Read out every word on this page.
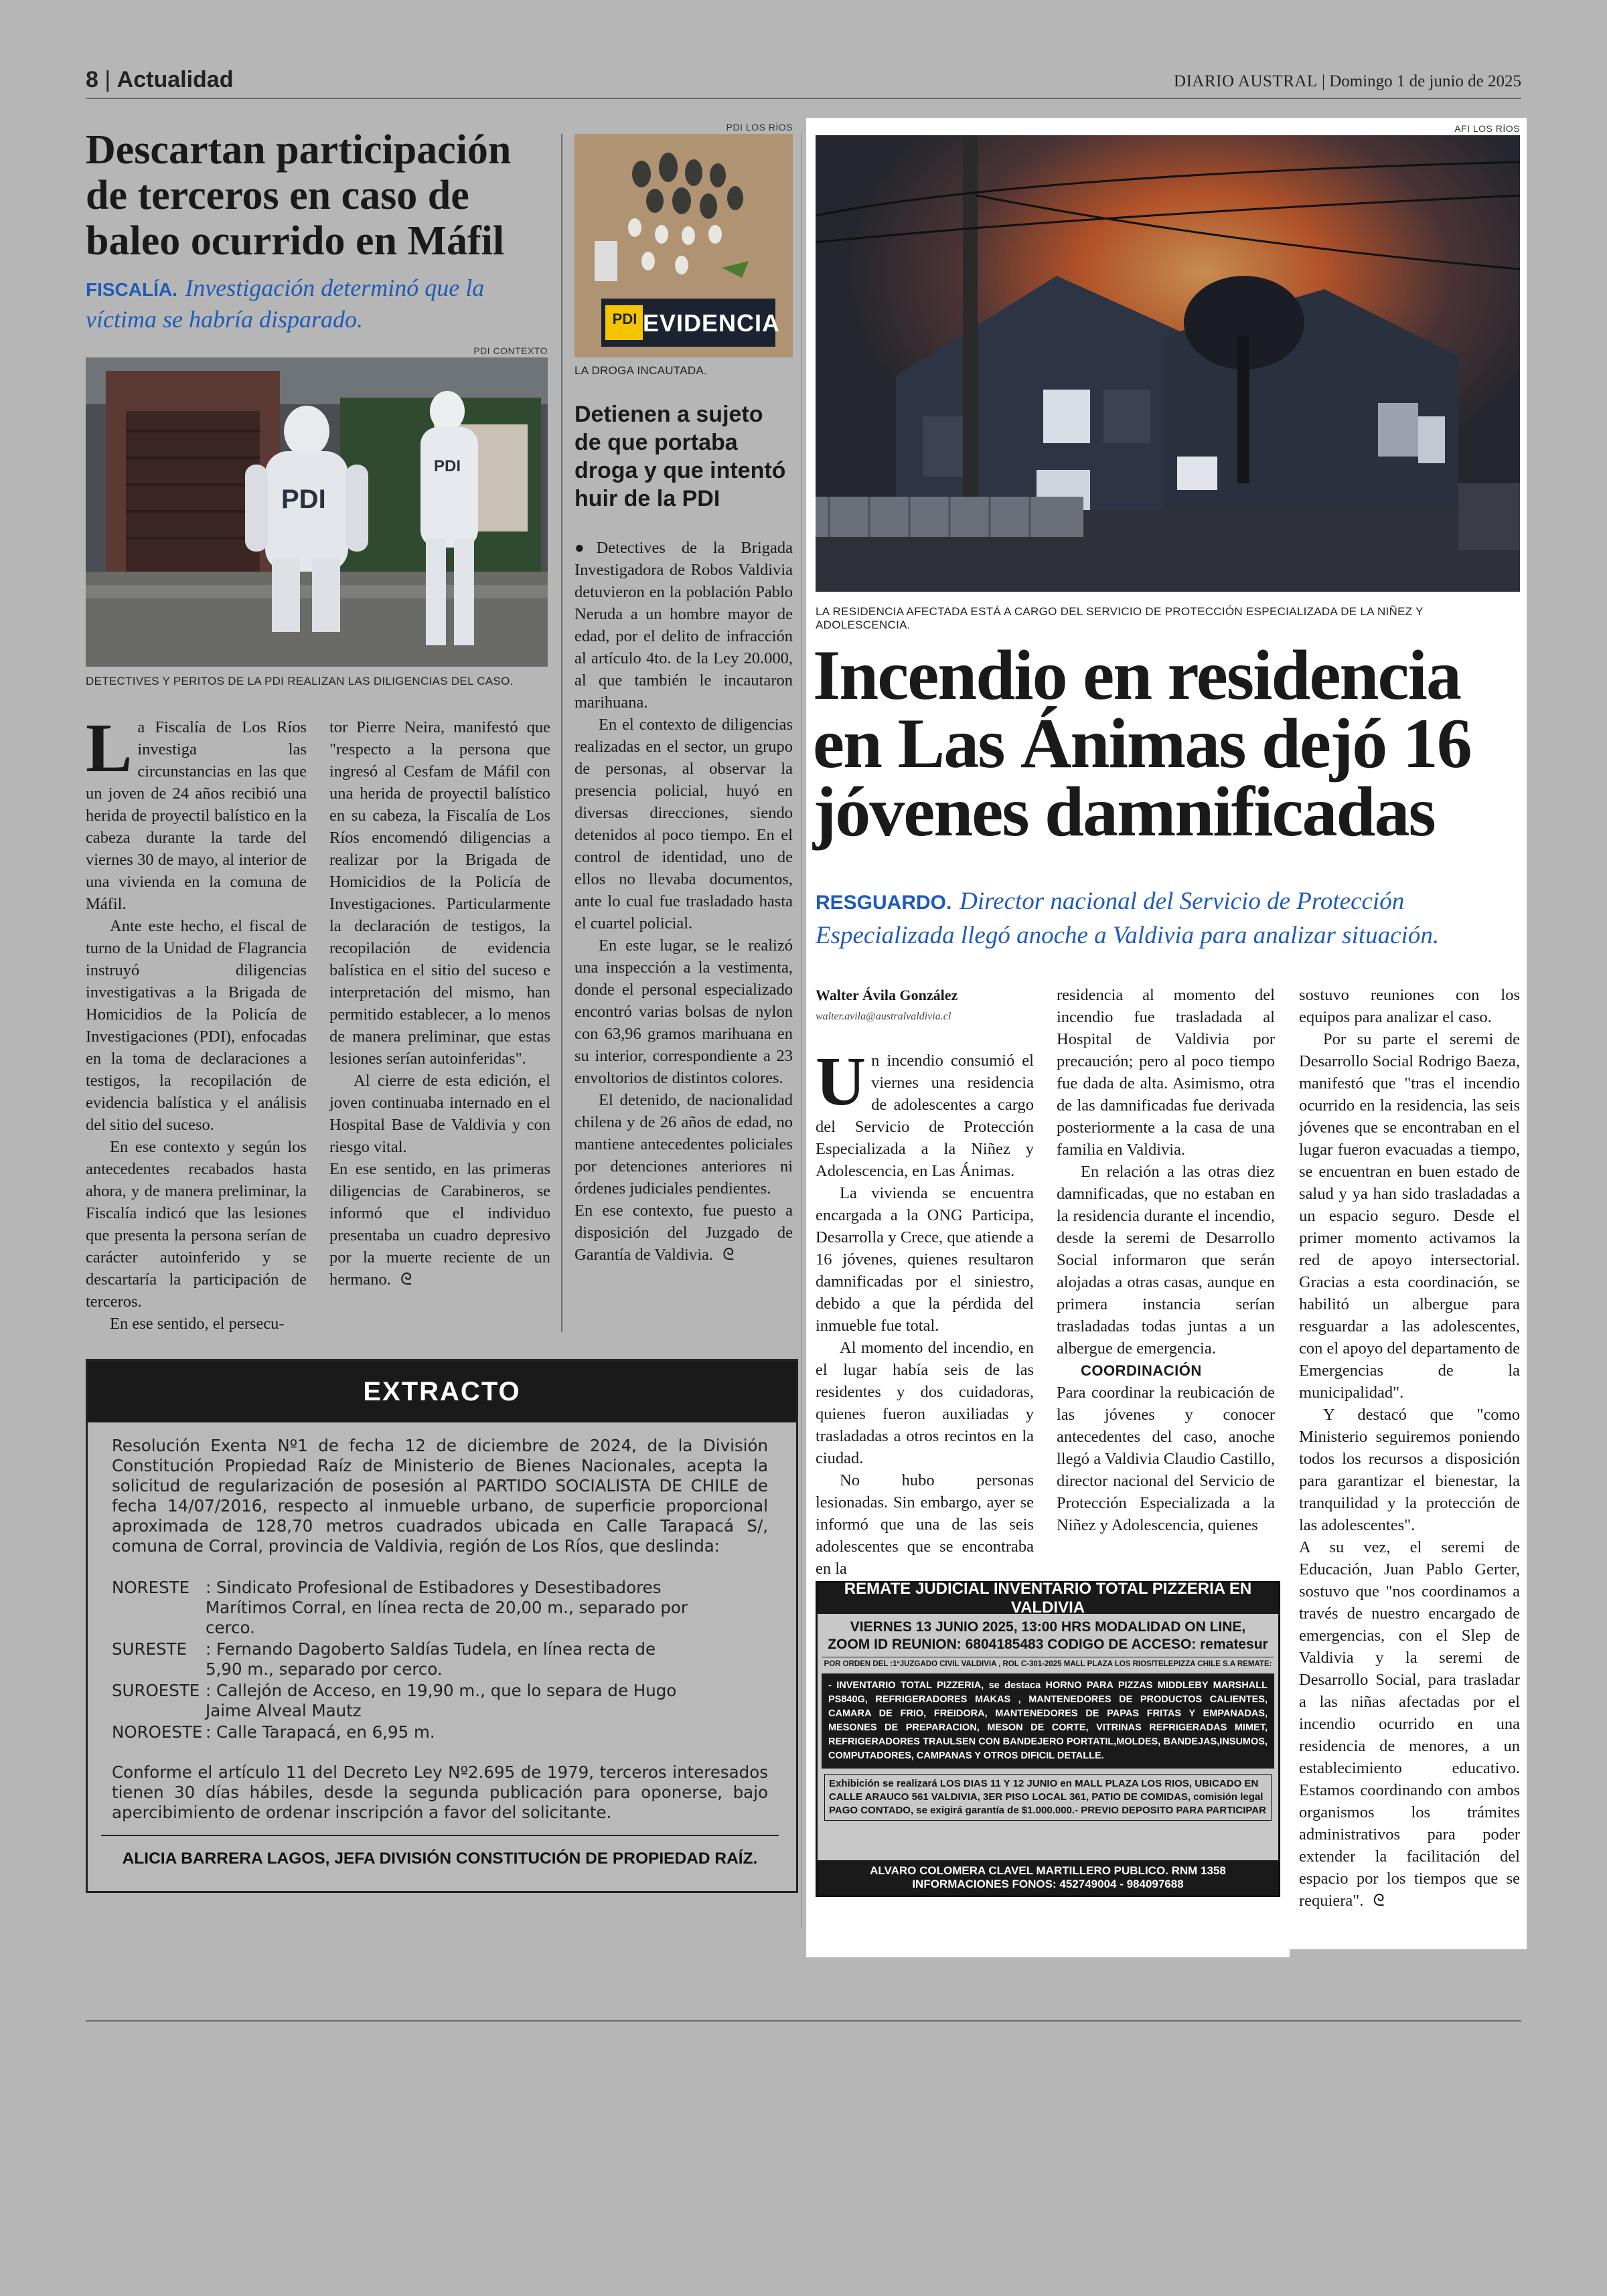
8 | Actualidad	DIARIO AUSTRAL | Domingo 1 de junio de 2025
Descartan participación de terceros en caso de baleo ocurrido en Máfil
FISCALÍA. Investigación determinó que la víctima se habría disparado.
PDI CONTEXTO
PDI
PDI
DETECTIVES Y PERITOS DE LA PDI REALIZAN LAS DILIGENCIAS DEL CASO.
L a Fiscalía de Los Ríos investiga las circunstancias en las que un joven de 24 años recibió una herida de proyectil balístico en la cabeza durante la tarde del viernes 30 de mayo, al interior de una vivienda en la comuna de Máfil.

Ante este hecho, el fiscal de turno de la Unidad de Flagrancia instruyó diligencias investigativas a la Brigada de Homicidios de la Policía de Investigaciones (PDI), enfocadas en la toma de declaraciones a testigos, la recopilación de evidencia balística y el análisis del sitio del suceso.

En ese contexto y según los antecedentes recabados hasta ahora, y de manera preliminar, la Fiscalía indicó que las lesiones que presenta la persona serían de carácter autoinferido y se descartaría la participación de terceros.

En ese sentido, el persecu-

tor Pierre Neira, manifestó que "respecto a la persona que ingresó al Cesfam de Máfil con una herida de proyectil balístico en su cabeza, la Fiscalía de Los Ríos encomendó diligencias a realizar por la Brigada de Homicidios de la Policía de Investigaciones. Particularmente la declaración de testigos, la recopilación de evidencia balística en el sitio del suceso e interpretación del mismo, han permitido establecer, a lo menos de manera preliminar, que estas lesiones serían autoinferidas".

Al cierre de esta edición, el joven continuaba internado en el Hospital Base de Valdivia y con riesgo vital.

En ese sentido, en las primeras diligencias de Carabineros, se informó que el individuo presentaba un cuadro depresivo por la muerte reciente de un hermano. ᘓ
PDI LOS RÍOS
PDI EVIDENCIA
LA DROGA INCAUTADA.
Detienen a sujeto de que portaba droga y que intentó huir de la PDI

●Detectives de la Brigada Investigadora de Robos Valdivia detuvieron en la población Pablo Neruda a un hombre mayor de edad, por el delito de infracción al artículo 4to. de la Ley 20.000, al que también le incautaron marihuana.

En el contexto de diligencias realizadas en el sector, un grupo de personas, al observar la presencia policial, huyó en diversas direcciones, siendo detenidos al poco tiempo. En el control de identidad, uno de ellos no llevaba documentos, ante lo cual fue trasladado hasta el cuartel policial.

En este lugar, se le realizó una inspección a la vestimenta, donde el personal especializado encontró varias bolsas de nylon con 63,96 gramos marihuana en su interior, correspondiente a 23 envoltorios de distintos colores.

El detenido, de nacionalidad chilena y de 26 años de edad, no mantiene antecedentes policiales por detenciones anteriores ni órdenes judiciales pendientes.

En ese contexto, fue puesto a disposición del Juzgado de Garantía de Valdivia. ᘓ
EXTRACTO
Resolución Exenta Nº1 de fecha 12 de diciembre de 2024, de la División Constitución Propiedad Raíz de Ministerio de Bienes Nacionales, acepta la solicitud de regularización de posesión al PARTIDO SOCIALISTA DE CHILE de fecha 14/07/2016, respecto al inmueble urbano, de superficie proporcional aproximada de 128,70 metros cuadrados ubicada en Calle Tarapacá S/, comuna de Corral, provincia de Valdivia, región de Los Ríos, que deslinda:
NORESTE : Sindicato Profesional de Estibadores y Desestibadores Marítimos Corral, en línea recta de 20,00 m., separado por cerco.
SURESTE	: Fernando Dagoberto Saldías Tudela, en línea recta de 5,90 m., separado por cerco.
SUROESTE : Callejón de Acceso, en 19,90 m., que lo separa de Hugo Jaime Alveal Mautz
NOROESTE : Calle Tarapacá, en 6,95 m.
Conforme el artículo 11 del Decreto Ley Nº2.695 de 1979, terceros interesados tienen 30 días hábiles, desde la segunda publicación para oponerse, bajo apercibimiento de ordenar inscripción a favor del solicitante.
ALICIA BARRERA LAGOS, JEFA DIVISIÓN CONSTITUCIÓN DE PROPIEDAD RAÍZ.
AFI LOS RÍOS
LA RESIDENCIA AFECTADA ESTÁ A CARGO DEL SERVICIO DE PROTECCIÓN ESPECIALIZADA DE LA NIÑEZ Y ADOLESCENCIA.
Incendio en residencia en Las Ánimas dejó 16 jóvenes damnificadas
RESGUARDO. Director nacional del Servicio de Protección Especializada llegó anoche a Valdivia para analizar situación.
Walter Ávila González
walter.avila@australvaldivia.cl
U n incendio consumió el viernes una residencia de adolescentes a cargo del Servicio de Protección Especializada a la Niñez y Adolescencia, en Las Ánimas.

La vivienda se encuentra encargada a la ONG Participa, Desarrolla y Crece, que atiende a 16 jóvenes, quienes resultaron damnificadas por el siniestro, debido a que la pérdida del inmueble fue total.

Al momento del incendio, en el lugar había seis de las residentes y dos cuidadoras, quienes fueron auxiliadas y trasladadas a otros recintos en la ciudad.

No hubo personas lesionadas. Sin embargo, ayer se informó que una de las seis adolescentes que se encontraba en la

residencia al momento del incendio fue trasladada al Hospital de Valdivia por precaución; pero al poco tiempo fue dada de alta. Asimismo, otra de las damnificadas fue derivada posteriormente a la casa de una familia en Valdivia.

En relación a las otras diez damnificadas, que no estaban en la residencia durante el incendio, desde la seremi de Desarrollo Social informaron que serán alojadas a otras casas, aunque en primera instancia serían trasladadas todas juntas a un albergue de emergencia.

COORDINACIÓN

Para coordinar la reubicación de las jóvenes y conocer antecedentes del caso, anoche llegó a Valdivia Claudio Castillo, director nacional del Servicio de Protección Especializada a la Niñez y Adolescencia, quienes

sostuvo reuniones con los equipos para analizar el caso.

Por su parte el seremi de Desarrollo Social Rodrigo Baeza, manifestó que "tras el incendio ocurrido en la residencia, las seis jóvenes que se encontraban en el lugar fueron evacuadas a tiempo, se encuentran en buen estado de salud y ya han sido trasladadas a un espacio seguro. Desde el primer momento activamos la red de apoyo intersectorial. Gracias a esta coordinación, se habilitó un albergue para resguardar a las adolescentes, con el apoyo del departamento de Emergencias de la municipalidad".

Y destacó que "como Ministerio seguiremos poniendo todos los recursos a disposición para garantizar el bienestar, la tranquilidad y la protección de las adolescentes".

A su vez, el seremi de Educación, Juan Pablo Gerter, sostuvo que "nos coordinamos a través de nuestro encargado de emergencias, con el Slep de Valdivia y la seremi de Desarrollo Social, para trasladar a las niñas afectadas por el incendio ocurrido en una residencia de menores, a un establecimiento educativo. Estamos coordinando con ambos organismos los trámites administrativos para poder extender la facilitación del espacio por los tiempos que se requiera". ᘓ
REMATE JUDICIAL INVENTARIO TOTAL PIZZERIA EN VALDIVIA
VIERNES 13 JUNIO 2025, 13:00 HRS MODALIDAD ON LINE,
ZOOM ID REUNION: 6804185483 CODIGO DE ACCESO: rematesur
POR ORDEN DEL :1ºJUZGADO CIVIL VALDIVIA , ROL C-301-2025 MALL PLAZA LOS RIOS/TELEPIZZA CHILE S.A REMATE:
- INVENTARIO TOTAL PIZZERIA, se destaca HORNO PARA PIZZAS MIDDLEBY MARSHALL PS840G, REFRIGERADORES MAKAS , MANTENEDORES DE PRODUCTOS CALIENTES, CAMARA DE FRIO, FREIDORA, MANTENEDORES DE PAPAS FRITAS Y EMPANADAS, MESONES DE PREPARACION, MESON DE CORTE, VITRINAS REFRIGERADAS MIMET, REFRIGERADORES TRAULSEN CON BANDEJERO PORTATIL,MOLDES, BANDEJAS,INSUMOS, COMPUTADORES, CAMPANAS Y OTROS DIFICIL DETALLE.
Exhibición se realizará LOS DIAS 11 Y 12 JUNIO en MALL PLAZA LOS RIOS, UBICADO EN CALLE ARAUCO 561 VALDIVIA, 3ER PISO LOCAL 361, PATIO DE COMIDAS, comisión legal PAGO CONTADO, se exigirá garantía de $1.000.000.- PREVIO DEPOSITO PARA PARTICIPAR
ALVARO COLOMERA CLAVEL MARTILLERO PUBLICO. RNM 1358
INFORMACIONES FONOS: 452749004 - 984097688
